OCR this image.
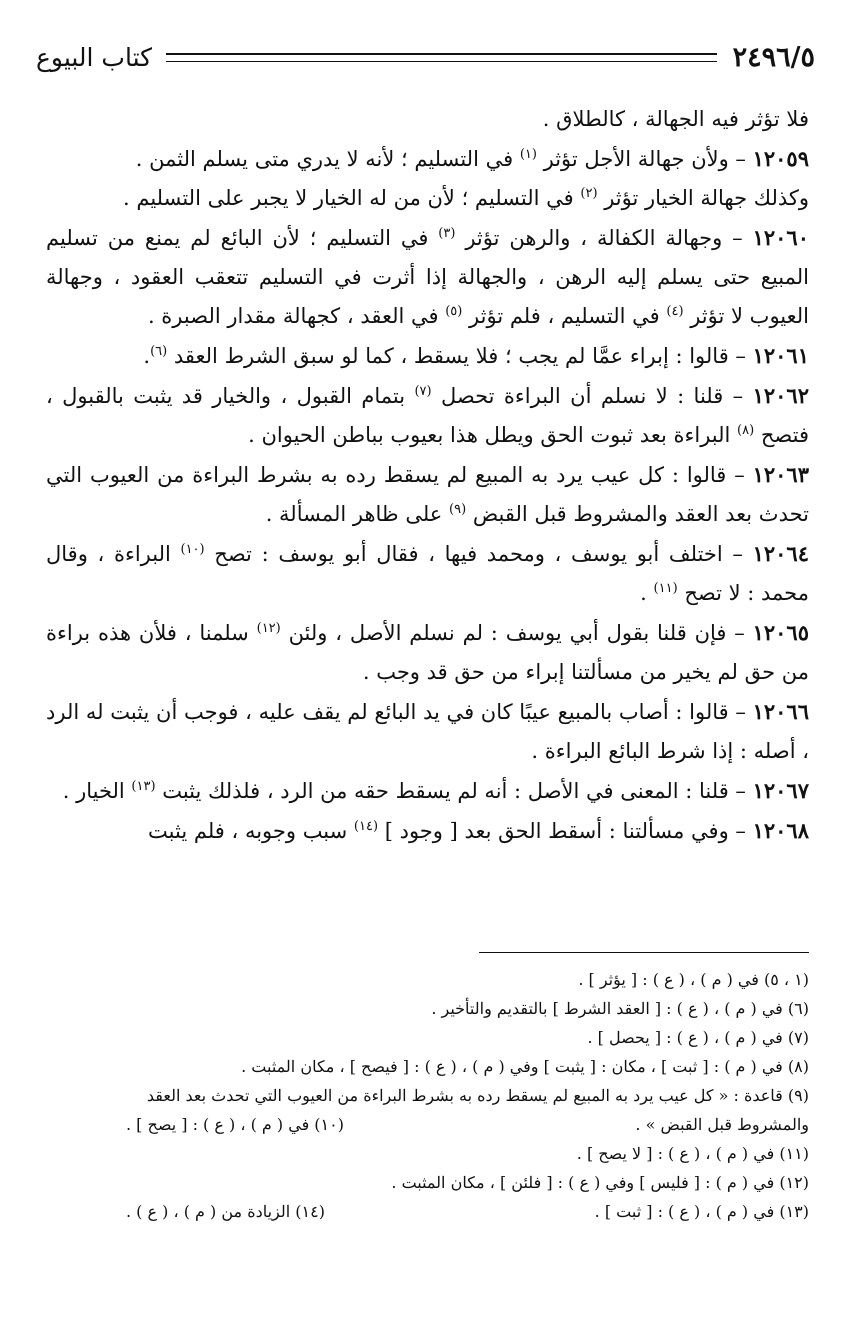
٢٤٩٦/٥
كتاب البيوع

فلا تؤثر فيه الجهالة ، كالطلاق .

١٢٠٥٩ – ولأن جهالة الأجل تؤثر $^{(١)}$ في التسليم ؛ لأنه لا يدري متى يسلم الثمن .

وكذلك جهالة الخيار تؤثر $^{(٢)}$ في التسليم ؛ لأن من له الخيار لا يجبر على التسليم .

١٢٠٦٠ – وجهالة الكفالة ، والرهن تؤثر $^{(٣)}$ في التسليم ؛ لأن البائع لم يمنع من تسليم المبيع حتى يسلم إليه الرهن ، والجهالة إذا أثرت في التسليم تتعقب العقود ، وجهالة العيوب لا تؤثر $^{(٤)}$ في التسليم ، فلم تؤثر $^{(٥)}$ في العقد ، كجهالة مقدار الصبرة .

١٢٠٦١ – قالوا : إبراء عمَّا لم يجب ؛ فلا يسقط ، كما لو سبق الشرط العقد $^{(٦)}$.

١٢٠٦٢ – قلنا : لا نسلم أن البراءة تحصل $^{(٧)}$ بتمام القبول ، والخيار قد يثبت بالقبول ، فتصح $^{(٨)}$ البراءة بعد ثبوت الحق ويطل هذا بعيوب بباطن الحيوان .

١٢٠٦٣ – قالوا : كل عيب يرد به المبيع لم يسقط رده به بشرط البراءة من العيوب التي تحدث بعد العقد والمشروط قبل القبض $^{(٩)}$ على ظاهر المسألة .

١٢٠٦٤ – اختلف أبو يوسف ، ومحمد فيها ، فقال أبو يوسف : تصح $^{(١٠)}$ البراءة ، وقال محمد : لا تصح $^{(١١)}$ .

١٢٠٦٥ – فإن قلنا بقول أبي يوسف : لم نسلم الأصل ، ولئن $^{(١٢)}$ سلمنا ، فلأن هذه براءة من حق لم يخير من مسألتنا إبراء من حق قد وجب .

١٢٠٦٦ – قالوا : أصاب بالمبيع عيبًا كان في يد البائع لم يقف عليه ، فوجب أن يثبت له الرد ، أصله : إذا شرط البائع البراءة .

١٢٠٦٧ – قلنا : المعنى في الأصل : أنه لم يسقط حقه من الرد ، فلذلك يثبت $^{(١٣)}$ الخيار .

١٢٠٦٨ – وفي مسألتنا : أسقط الحق بعد [ وجود ] $^{(١٤)}$ سبب وجوبه ، فلم يثبت

(١ ، ٥) في ( م ) ، ( ع ) : [ يؤثر ] .

(٦) في ( م ) ، ( ع ) : [ العقد الشرط ] بالتقديم والتأخير .

(٧) في ( م ) ، ( ع ) : [ يحصل ] .

(٨) في ( م ) : [ ثبت ] ، مكان : [ يثبت ] وفي ( م ) ، ( ع ) : [ فيصح ] ، مكان المثبت .

(٩) قاعدة : « كل عيب يرد به المبيع لم يسقط رده به بشرط البراءة من العيوب التي تحدث بعد العقد

والمشروط قبل القبض » .
(١٠) في ( م ) ، ( ع ) : [ يصح ] .

(١١) في ( م ) ، ( ع ) : [ لا يصح ] .

(١٢) في ( م ) : [ فليس ] وفي ( ع ) : [ فلئن ] ، مكان المثبت .

(١٣) في ( م ) ، ( ع ) : [ ثبت ] .
(١٤) الزيادة من ( م ) ، ( ع ) .
